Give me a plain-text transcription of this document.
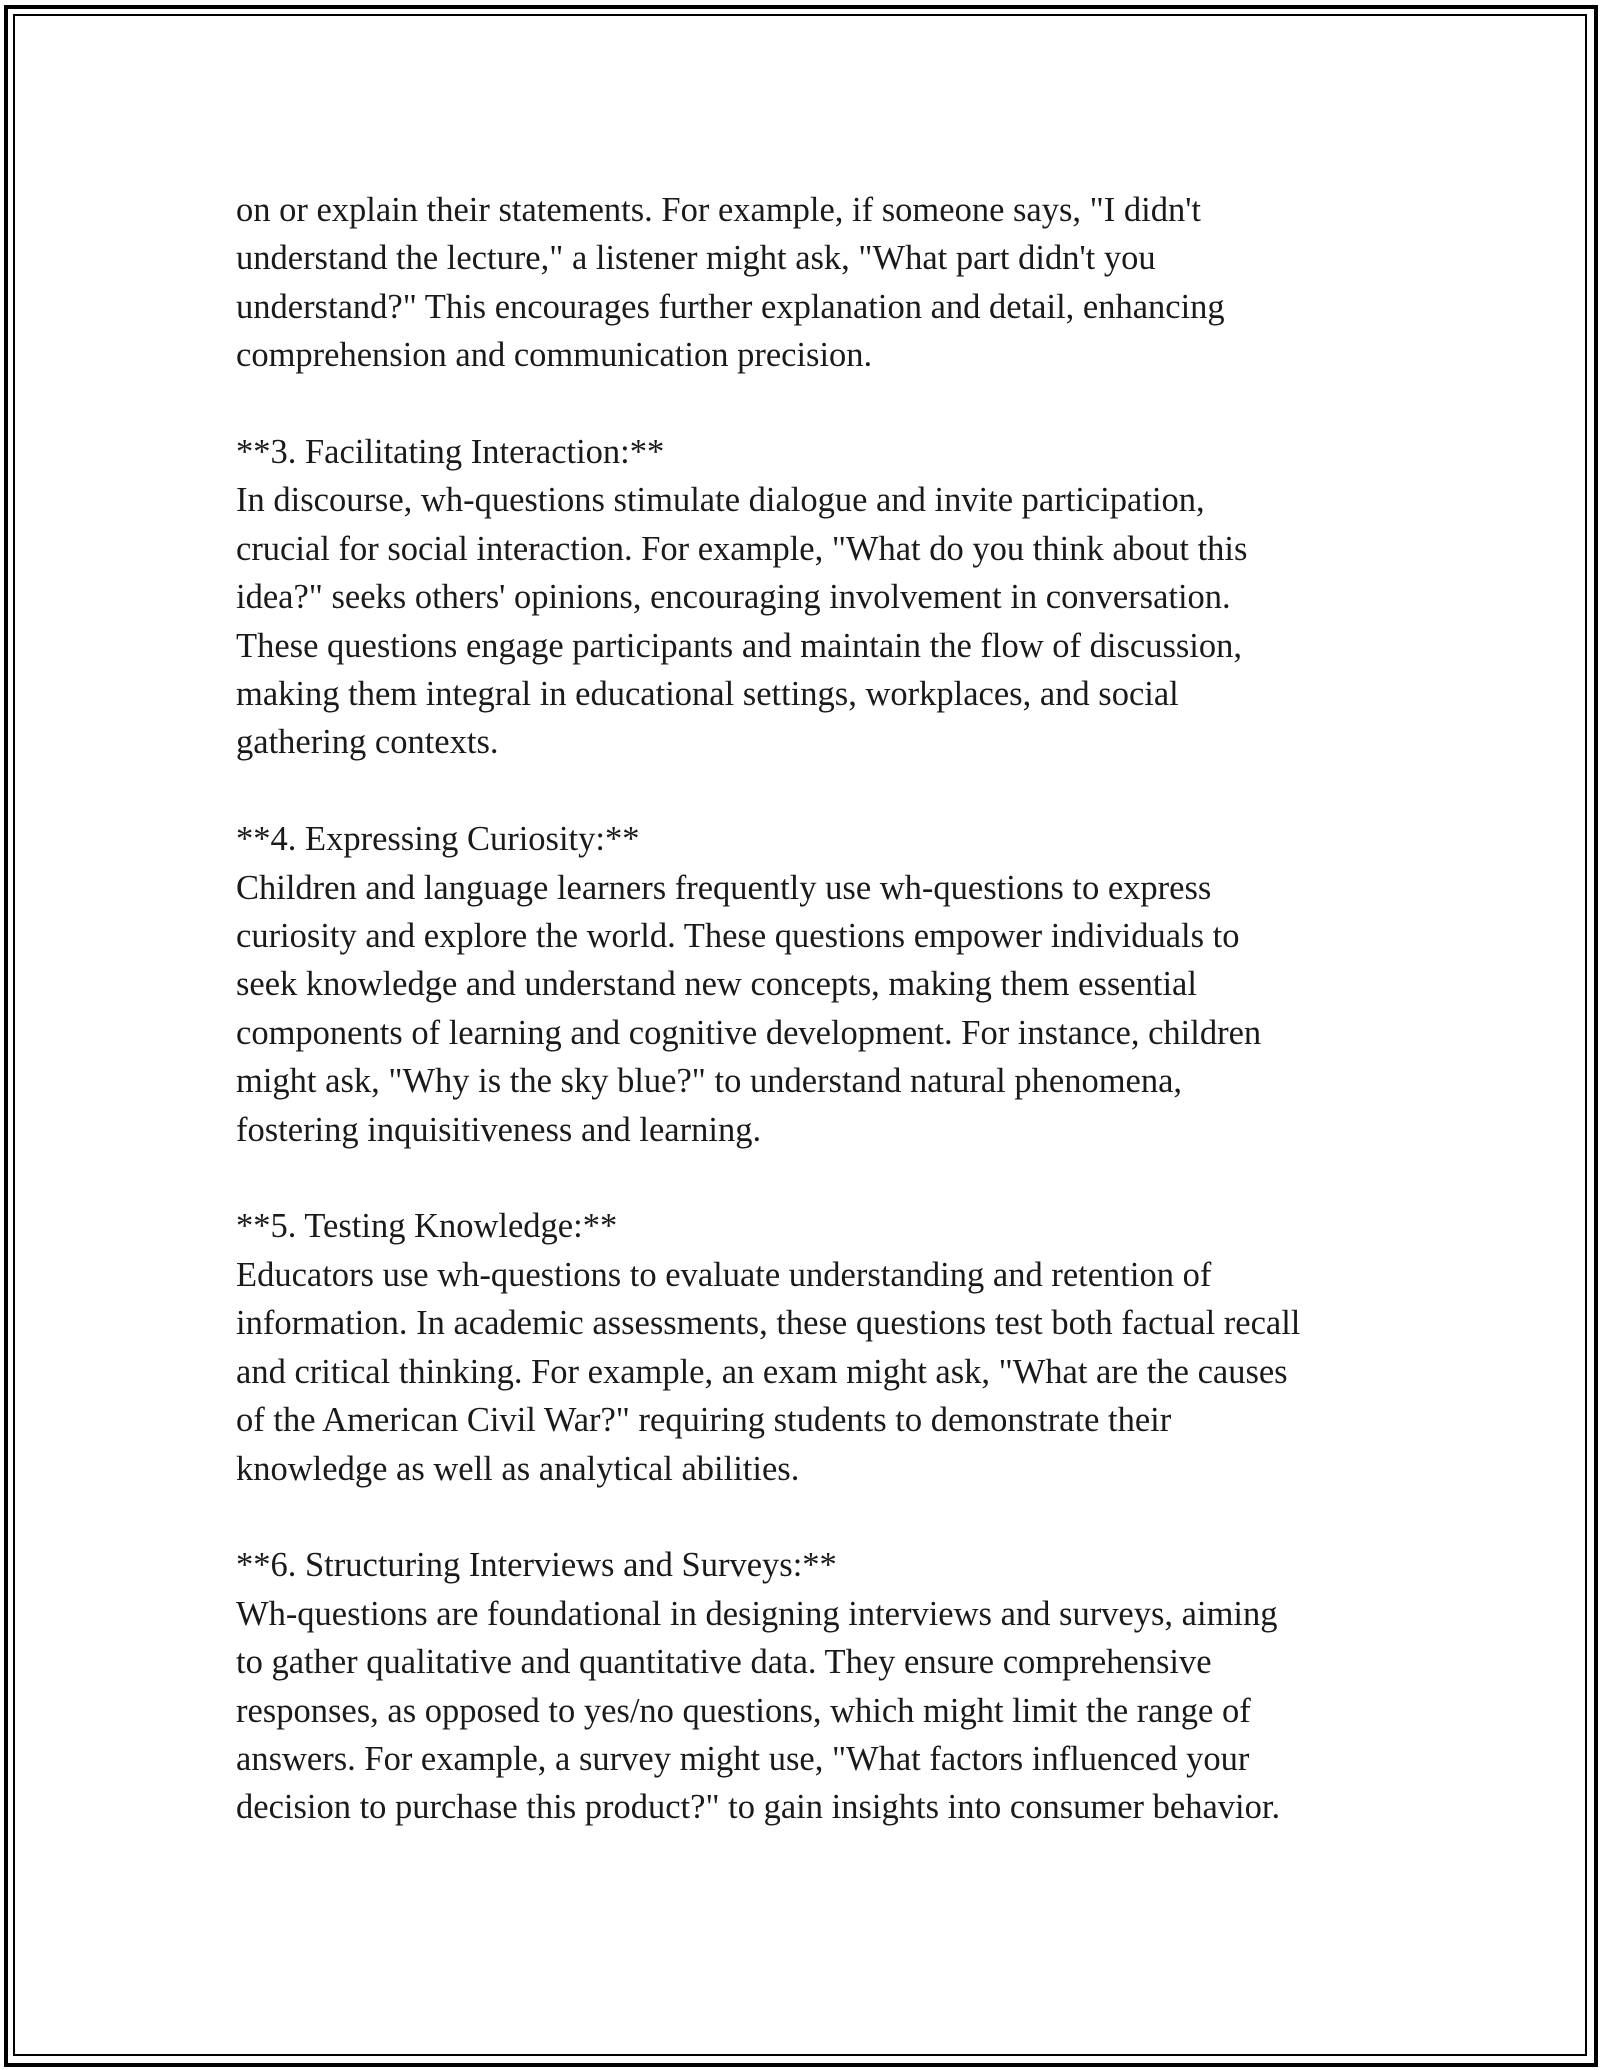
on or explain their statements. For example, if someone says, "I didn't
understand the lecture," a listener might ask, "What part didn't you
understand?" This encourages further explanation and detail, enhancing
comprehension and communication precision.

**3. Facilitating Interaction:**

In discourse, wh-questions stimulate dialogue and invite participation,
crucial for social interaction. For example, "What do you think about this
idea?" seeks others' opinions, encouraging involvement in conversation.
These questions engage participants and maintain the flow of discussion,
making them integral in educational settings, workplaces, and social
gathering contexts.

**4. Expressing Curiosity:**

Children and language learners frequently use wh-questions to express
curiosity and explore the world. These questions empower individuals to
seek knowledge and understand new concepts, making them essential
components of learning and cognitive development. For instance, children
might ask, "Why is the sky blue?" to understand natural phenomena,
fostering inquisitiveness and learning.

**5. Testing Knowledge:**

Educators use wh-questions to evaluate understanding and retention of
information. In academic assessments, these questions test both factual recall
and critical thinking. For example, an exam might ask, "What are the causes
of the American Civil War?" requiring students to demonstrate their
knowledge as well as analytical abilities.

**6. Structuring Interviews and Surveys:**

Wh-questions are foundational in designing interviews and surveys, aiming
to gather qualitative and quantitative data. They ensure comprehensive
responses, as opposed to yes/no questions, which might limit the range of
answers. For example, a survey might use, "What factors influenced your
decision to purchase this product?" to gain insights into consumer behavior.
